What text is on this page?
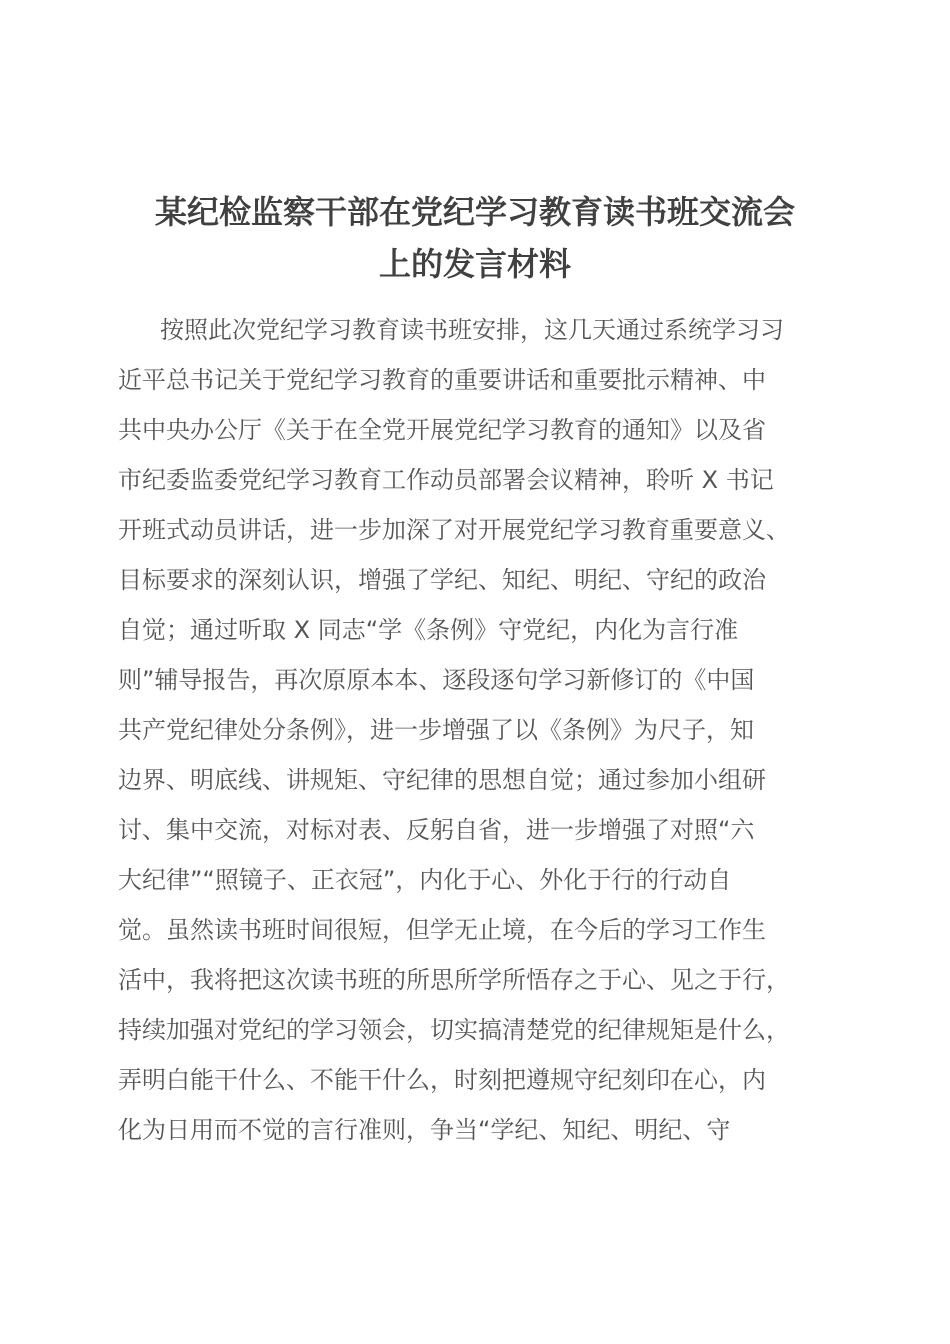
某纪检监察干部在党纪学习教育读书班交流会
上的发言材料
按照此次党纪学习教育读书班安排，这几天通过系统学习习
近平总书记关于党纪学习教育的重要讲话和重要批示精神、中
共中央办公厅《关于在全党开展党纪学习教育的通知》以及省
市纪委监委党纪学习教育工作动员部署会议精神，聆听 X 书记
开班式动员讲话，进一步加深了对开展党纪学习教育重要意义、
目标要求的深刻认识，增强了学纪、知纪、明纪、守纪的政治
自觉；通过听取 X 同志“学《条例》守党纪，内化为言行准
则”辅导报告，再次原原本本、逐段逐句学习新修订的《中国
共产党纪律处分条例》，进一步增强了以《条例》为尺子，知
边界、明底线、讲规矩、守纪律的思想自觉；通过参加小组研
讨、集中交流，对标对表、反躬自省，进一步增强了对照“六
大纪律”“照镜子、正衣冠”，内化于心、外化于行的行动自
觉。虽然读书班时间很短，但学无止境，在今后的学习工作生
活中，我将把这次读书班的所思所学所悟存之于心、见之于行，
持续加强对党纪的学习领会，切实搞清楚党的纪律规矩是什么，
弄明白能干什么、不能干什么，时刻把遵规守纪刻印在心，内
化为日用而不觉的言行准则，争当“学纪、知纪、明纪、守
